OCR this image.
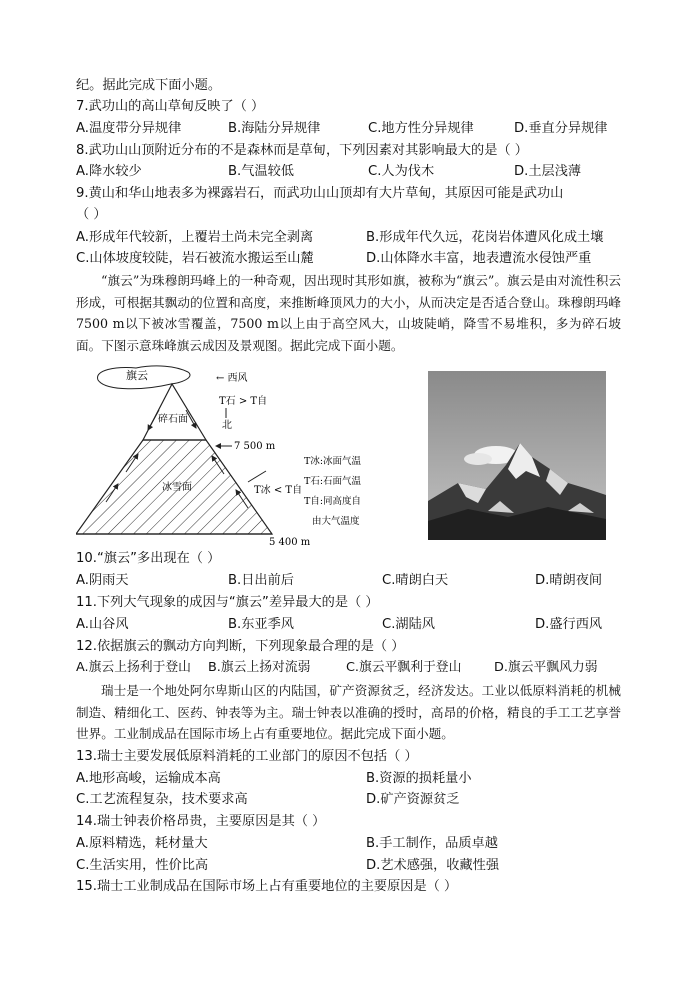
纪。据此完成下面小题。
7.武功山的高山草甸反映了（ ）
A.温度带分异规律	B.海陆分异规律	C.地方性分异规律	D.垂直分异规律
8.武功山山顶附近分布的不是森林而是草甸，下列因素对其影响最大的是（ ）
A.降水较少	B.气温较低	C.人为伐木	D.土层浅薄
9.黄山和华山地表多为裸露岩石，而武功山山顶却有大片草甸，其原因可能是武功山
（ ）
A.形成年代较新，上覆岩土尚未完全剥离	B.形成年代久远，花岗岩体遭风化成土壤
C.山体坡度较陡，岩石被流水搬运至山麓	D.山体降水丰富，地表遭流水侵蚀严重
“旗云”为珠穆朗玛峰上的一种奇观，因出现时其形如旗，被称为“旗云”。旗云是由对流性积云形成，可根据其飘动的位置和高度，来推断峰顶风力的大小，从而决定是否适合登山。珠穆朗玛峰7500 m以下被冰雪覆盖，7500 m以上由于高空风大，山坡陡峭，降雪不易堆积，多为碎石坡面。下图示意珠峰旗云成因及景观图。据此完成下面小题。
旗云	← 西风
T石 > T自
北
碎石面
7 500 m
冰雪面	T冰 < T自
5 400 m
T冰:冰面气温
T石:石面气温
T自:同高度自
由大气温度
10.“旗云”多出现在（ ）
A.阴雨天	B.日出前后	C.晴朗白天	D.晴朗夜间
11.下列大气现象的成因与“旗云”差异最大的是（ ）
A.山谷风	B.东亚季风	C.湖陆风	D.盛行西风
12.依据旗云的飘动方向判断，下列现象最合理的是（ ）
A.旗云上扬利于登山 B.旗云上扬对流弱	C.旗云平飘利于登山	D.旗云平飘风力弱
瑞士是一个地处阿尔卑斯山区的内陆国，矿产资源贫乏，经济发达。工业以低原料消耗的机械制造、精细化工、医药、钟表等为主。瑞士钟表以准确的授时，高昂的价格，精良的手工工艺享誉世界。工业制成品在国际市场上占有重要地位。据此完成下面小题。
13.瑞士主要发展低原料消耗的工业部门的原因不包括（ ）
A.地形高峻，运输成本高	B.资源的损耗量小
C.工艺流程复杂，技术要求高	D.矿产资源贫乏
14.瑞士钟表价格昂贵，主要原因是其（ ）
A.原料精选，耗材量大	B.手工制作，品质卓越
C.生活实用，性价比高	D.艺术感强，收藏性强
15.瑞士工业制成品在国际市场上占有重要地位的主要原因是（ ）
